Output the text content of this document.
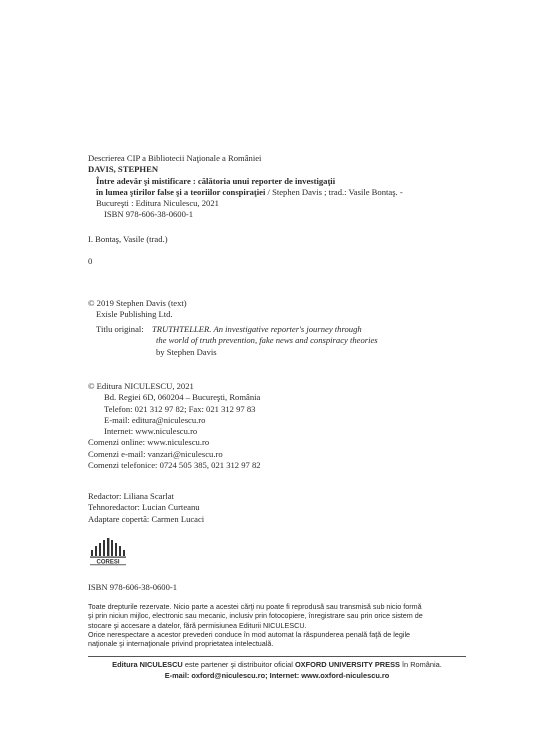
Descrierea CIP a Bibliotecii Naţionale a României
DAVIS, STEPHEN
Între adevăr şi mistificare : călătoria unui reporter de investigaţii
în lumea ştirilor false şi a teoriilor conspiraţiei / Stephen Davis ; trad.: Vasile Bontaş. -
Bucureşti : Editura Niculescu, 2021
ISBN 978-606-38-0600-1
I. Bontaş, Vasile (trad.)
0
© 2019 Stephen Davis (text)
Exisle Publishing Ltd.
Titlu original: TRUTHTELLER. An investigative reporter's journey through
the world of truth prevention, fake news and conspiracy theories
by Stephen Davis
© Editura NICULESCU, 2021
Bd. Regiei 6D, 060204 – Bucureşti, România
Telefon: 021 312 97 82; Fax: 021 312 97 83
E-mail: editura@niculescu.ro
Internet: www.niculescu.ro
Comenzi online: www.niculescu.ro
Comenzi e-mail: vanzari@niculescu.ro
Comenzi telefonice: 0724 505 385, 021 312 97 82
Redactor: Liliana Scarlat
Tehnoredactor: Lucian Curteanu
Adaptare copertă: Carmen Lucaci
CORESI
ISBN 978-606-38-0600-1
Toate drepturile rezervate. Nicio parte a acestei cărţi nu poate fi reprodusă sau transmisă sub nicio formă
şi prin niciun mijloc, electronic sau mecanic, inclusiv prin fotocopiere, înregistrare sau prin orice sistem de
stocare şi accesare a datelor, fără permisiunea Editurii NICULESCU.
Orice nerespectare a acestor prevederi conduce în mod automat la răspunderea penală faţă de legile
naţionale şi internaţionale privind proprietatea intelectuală.
Editura NICULESCU este partener şi distribuitor oficial OXFORD UNIVERSITY PRESS în România.
E-mail: oxford@niculescu.ro; Internet: www.oxford-niculescu.ro
